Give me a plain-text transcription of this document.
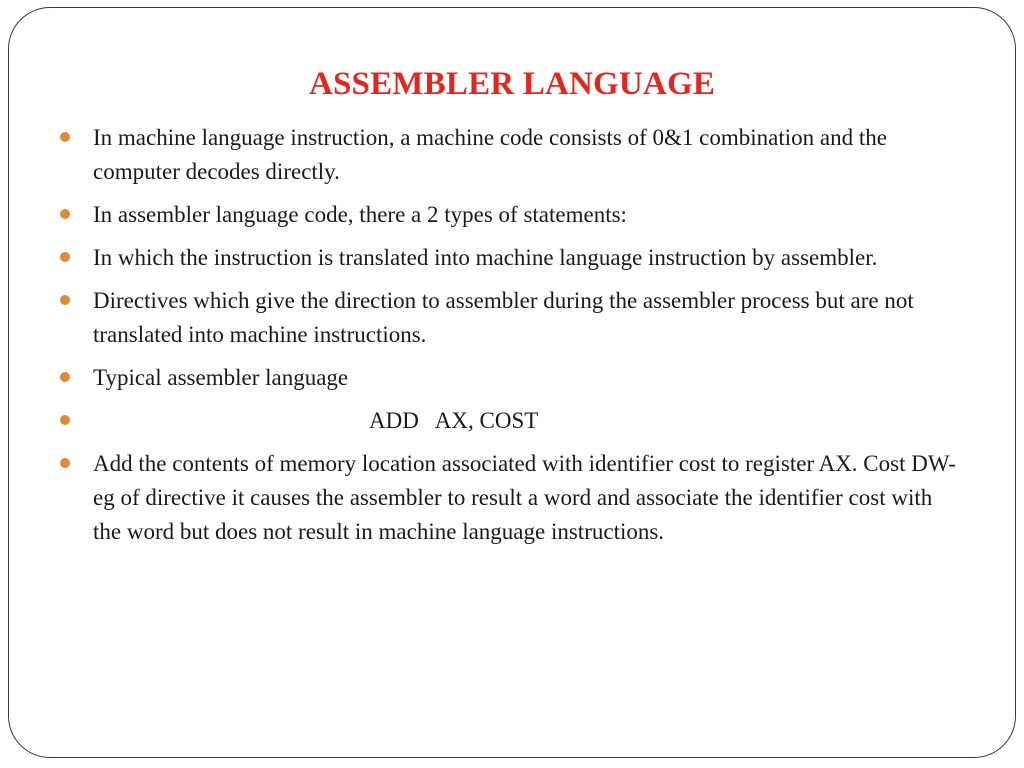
ASSEMBLER LANGUAGE
In machine language instruction, a machine code consists of 0&1 combination and the computer decodes directly.
In assembler language code, there a 2 types of statements:
In which the instruction is translated into machine language instruction by assembler.
Directives which give the direction to assembler during the assembler process but are not translated into machine instructions.
Typical assembler language
ADD   AX, COST
Add the contents of memory location associated with identifier cost to register AX. Cost DW-eg of directive it causes the assembler to result a word and associate the identifier cost with the word but does not result in machine language instructions.
